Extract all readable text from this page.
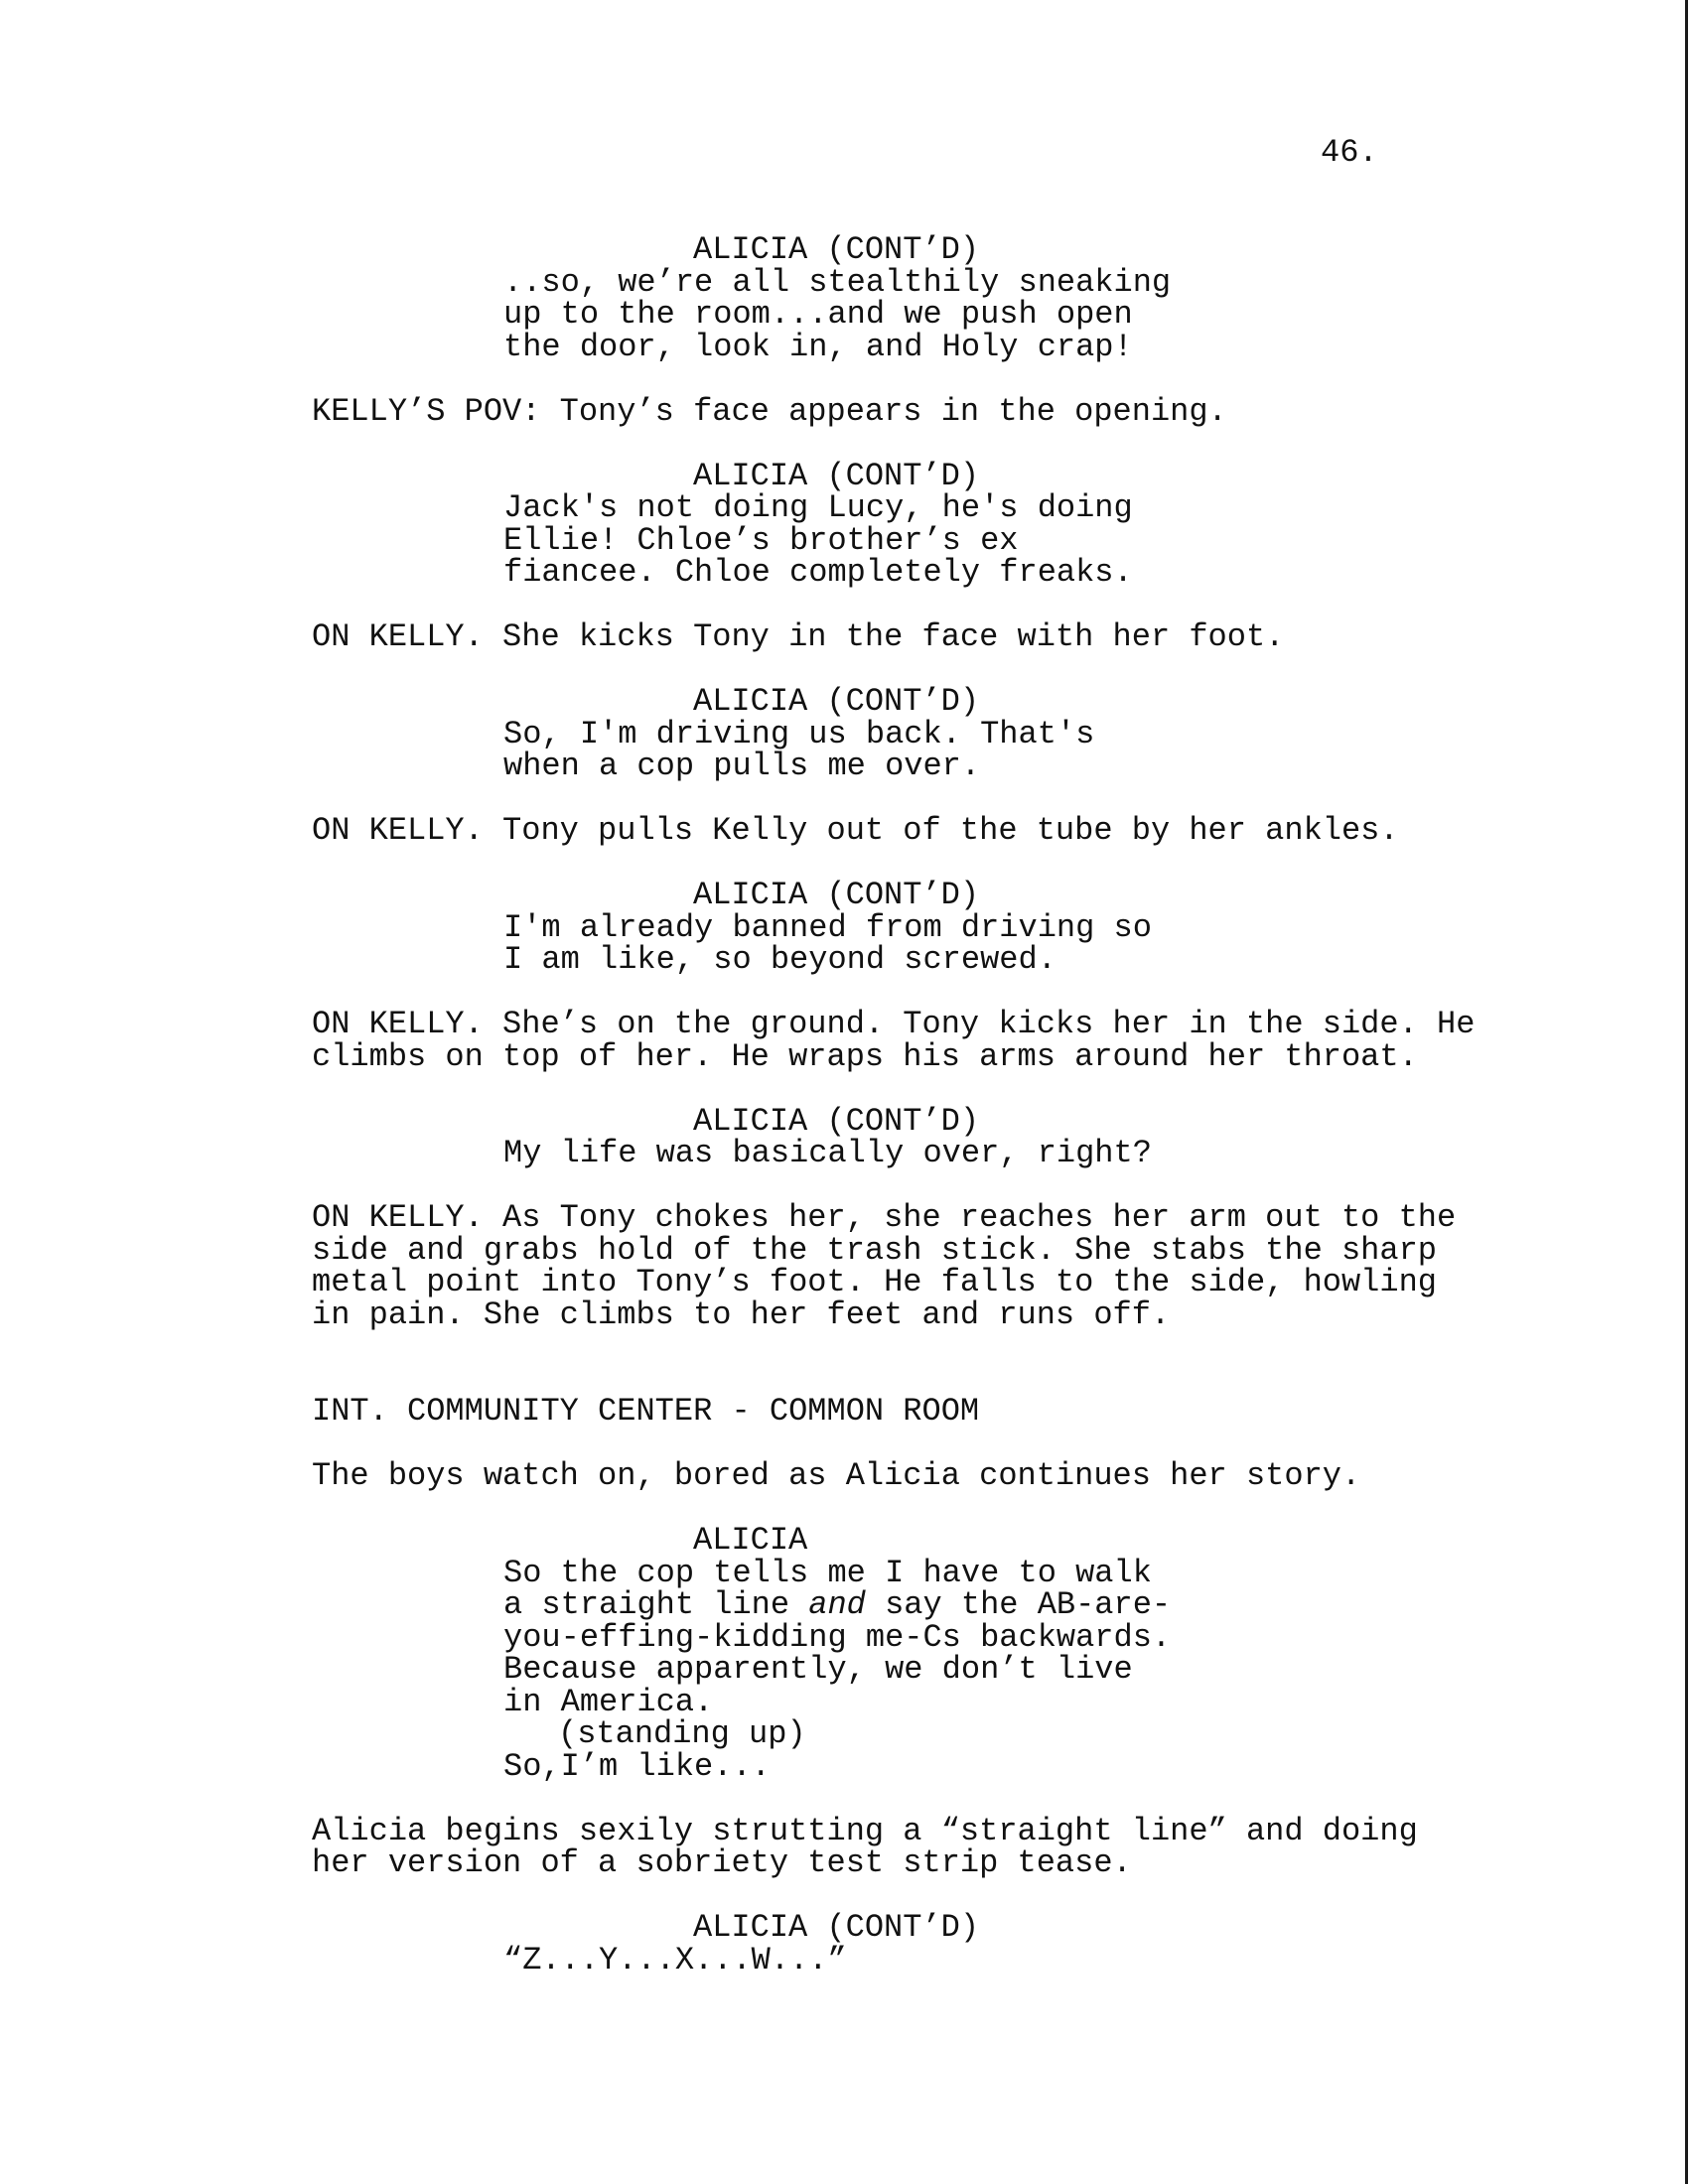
46.
ALICIA (CONT’D)
..so, we’re all stealthily sneaking
up to the room...and we push open
the door, look in, and Holy crap!
KELLY’S POV: Tony’s face appears in the opening.
ALICIA (CONT’D)
Jack's not doing Lucy, he's doing
Ellie! Chloe’s brother’s ex
fiancee. Chloe completely freaks.
ON KELLY. She kicks Tony in the face with her foot.
ALICIA (CONT’D)
So, I'm driving us back. That's
when a cop pulls me over.
ON KELLY. Tony pulls Kelly out of the tube by her ankles.
ALICIA (CONT’D)
I'm already banned from driving so
I am like, so beyond screwed.
ON KELLY. She’s on the ground. Tony kicks her in the side. He
climbs on top of her. He wraps his arms around her throat.
ALICIA (CONT’D)
My life was basically over, right?
ON KELLY. As Tony chokes her, she reaches her arm out to the
side and grabs hold of the trash stick. She stabs the sharp
metal point into Tony’s foot. He falls to the side, howling
in pain. She climbs to her feet and runs off.
INT. COMMUNITY CENTER - COMMON ROOM
The boys watch on, bored as Alicia continues her story.
ALICIA
So the cop tells me I have to walk
a straight line and say the AB-are-
you-effing-kidding me-Cs backwards.
Because apparently, we don’t live
in America.
(standing up)
So,I’m like...
Alicia begins sexily strutting a “straight line” and doing
her version of a sobriety test strip tease.
ALICIA (CONT’D)
“Z...Y...X...W...”
